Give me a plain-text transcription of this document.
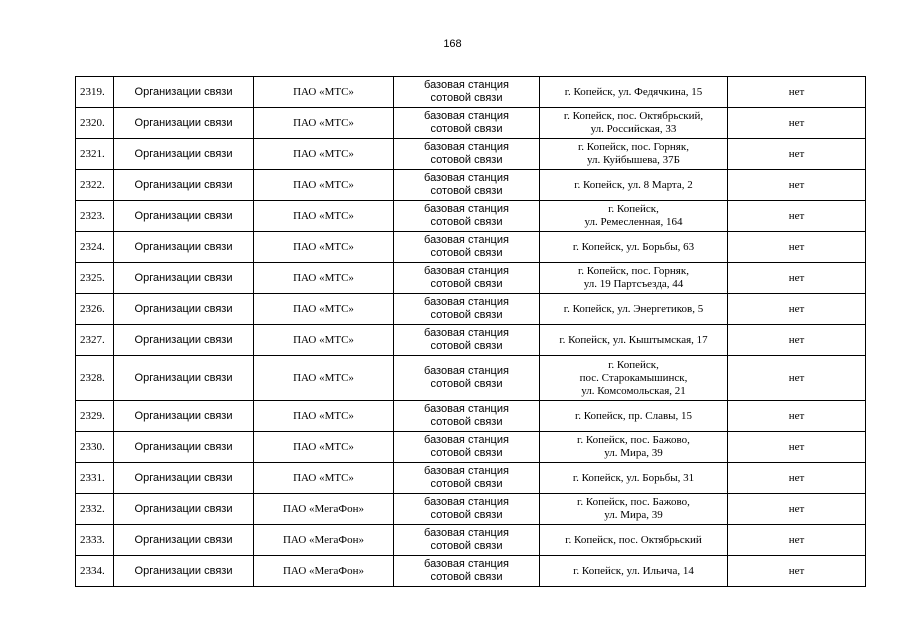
168
2319.	Организации связи	ПАО «МТС»	базовая станция
сотовой связи	г. Копейск, ул. Федячкина, 15	нет
2320.	Организации связи	ПАО «МТС»	базовая станция
сотовой связи	г. Копейск, пос. Октябрьский,
ул. Российская, 33	нет
2321.	Организации связи	ПАО «МТС»	базовая станция
сотовой связи	г. Копейск, пос. Горняк,
ул. Куйбышева, 37Б	нет
2322.	Организации связи	ПАО «МТС»	базовая станция
сотовой связи	г. Копейск, ул. 8 Марта, 2	нет
2323.	Организации связи	ПАО «МТС»	базовая станция
сотовой связи	г. Копейск,
ул. Ремесленная, 164	нет
2324.	Организации связи	ПАО «МТС»	базовая станция
сотовой связи	г. Копейск, ул. Борьбы, 63	нет
2325.	Организации связи	ПАО «МТС»	базовая станция
сотовой связи	г. Копейск, пос. Горняк,
ул. 19 Партсъезда, 44	нет
2326.	Организации связи	ПАО «МТС»	базовая станция
сотовой связи	г. Копейск, ул. Энергетиков, 5	нет
2327.	Организации связи	ПАО «МТС»	базовая станция
сотовой связи	г. Копейск, ул. Кыштымская, 17	нет
2328.	Организации связи	ПАО «МТС»	базовая станция
сотовой связи	г. Копейск,
пос. Старокамышинск,
ул. Комсомольская, 21	нет
2329.	Организации связи	ПАО «МТС»	базовая станция
сотовой связи	г. Копейск, пр. Славы, 15	нет
2330.	Организации связи	ПАО «МТС»	базовая станция
сотовой связи	г. Копейск, пос. Бажово,
ул. Мира, 39	нет
2331.	Организации связи	ПАО «МТС»	базовая станция
сотовой связи	г. Копейск, ул. Борьбы, 31	нет
2332.	Организации связи	ПАО «МегаФон»	базовая станция
сотовой связи	г. Копейск, пос. Бажово,
ул. Мира, 39	нет
2333.	Организации связи	ПАО «МегаФон»	базовая станция
сотовой связи	г. Копейск, пос. Октябрьский	нет
2334.	Организации связи	ПАО «МегаФон»	базовая станция
сотовой связи	г. Копейск, ул. Ильича, 14	нет
